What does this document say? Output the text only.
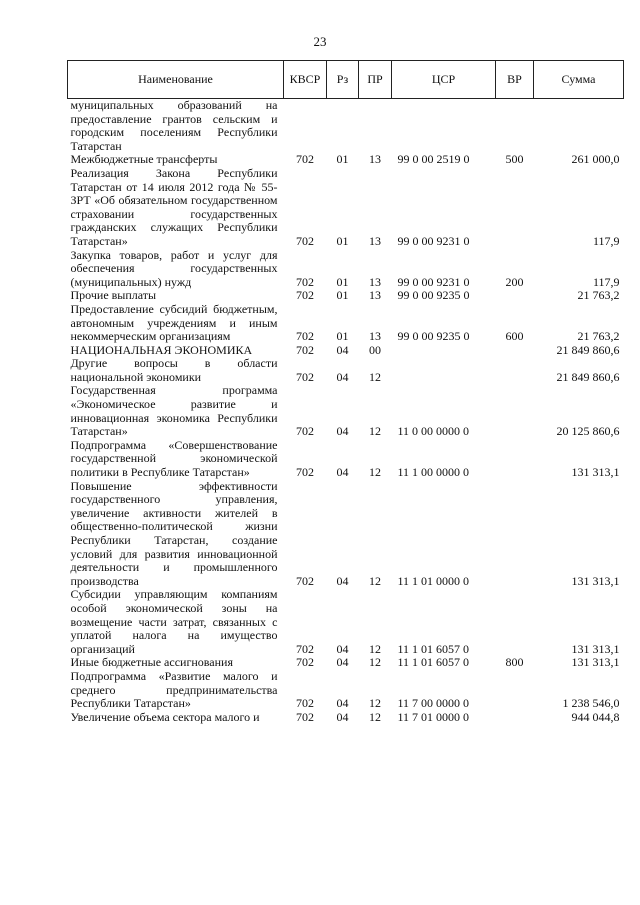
23
Наименование	КВСР	Рз	ПР	ЦСР	ВР	Сумма
муниципальных образований на предоставление грантов сельским и городским поселениям Республики Татарстан						
Межбюджетные трансферты	702	01	13	99 0 00 2519 0	500	261 000,0
Реализация Закона Республики Татарстан от 14 июля 2012 года № 55-ЗРТ «Об обязательном государственном страховании государственных гражданских служащих Республики Татарстан»	702	01	13	99 0 00 9231 0		117,9
Закупка товаров, работ и услуг для обеспечения государственных (муниципальных) нужд	702	01	13	99 0 00 9231 0	200	117,9
Прочие выплаты	702	01	13	99 0 00 9235 0		21 763,2
Предоставление субсидий бюджетным, автономным учреждениям и иным некоммерческим организациям	702	01	13	99 0 00 9235 0	600	21 763,2
НАЦИОНАЛЬНАЯ ЭКОНОМИКА	702	04	00			21 849 860,6
Другие вопросы в области национальной экономики	702	04	12			21 849 860,6
Государственная программа «Экономическое развитие и инновационная экономика Республики Татарстан»	702	04	12	11 0 00 0000 0		20 125 860,6
Подпрограмма «Совершенствование государственной экономической политики в Республике Татарстан»	702	04	12	11 1 00 0000 0		131 313,1
Повышение эффективности государственного управления, увеличение активности жителей в общественно-политической жизни Республики Татарстан, создание условий для развития инновационной деятельности и промышленного производства	702	04	12	11 1 01 0000 0		131 313,1
Субсидии управляющим компаниям особой экономической зоны на возмещение части затрат, связанных с уплатой налога на имущество организаций	702	04	12	11 1 01 6057 0		131 313,1
Иные бюджетные ассигнования	702	04	12	11 1 01 6057 0	800	131 313,1
Подпрограмма «Развитие малого и среднего предпринимательства Республики Татарстан»	702	04	12	11 7 00 0000 0		1 238 546,0
Увеличение объема сектора малого и	702	04	12	11 7 01 0000 0		944 044,8
